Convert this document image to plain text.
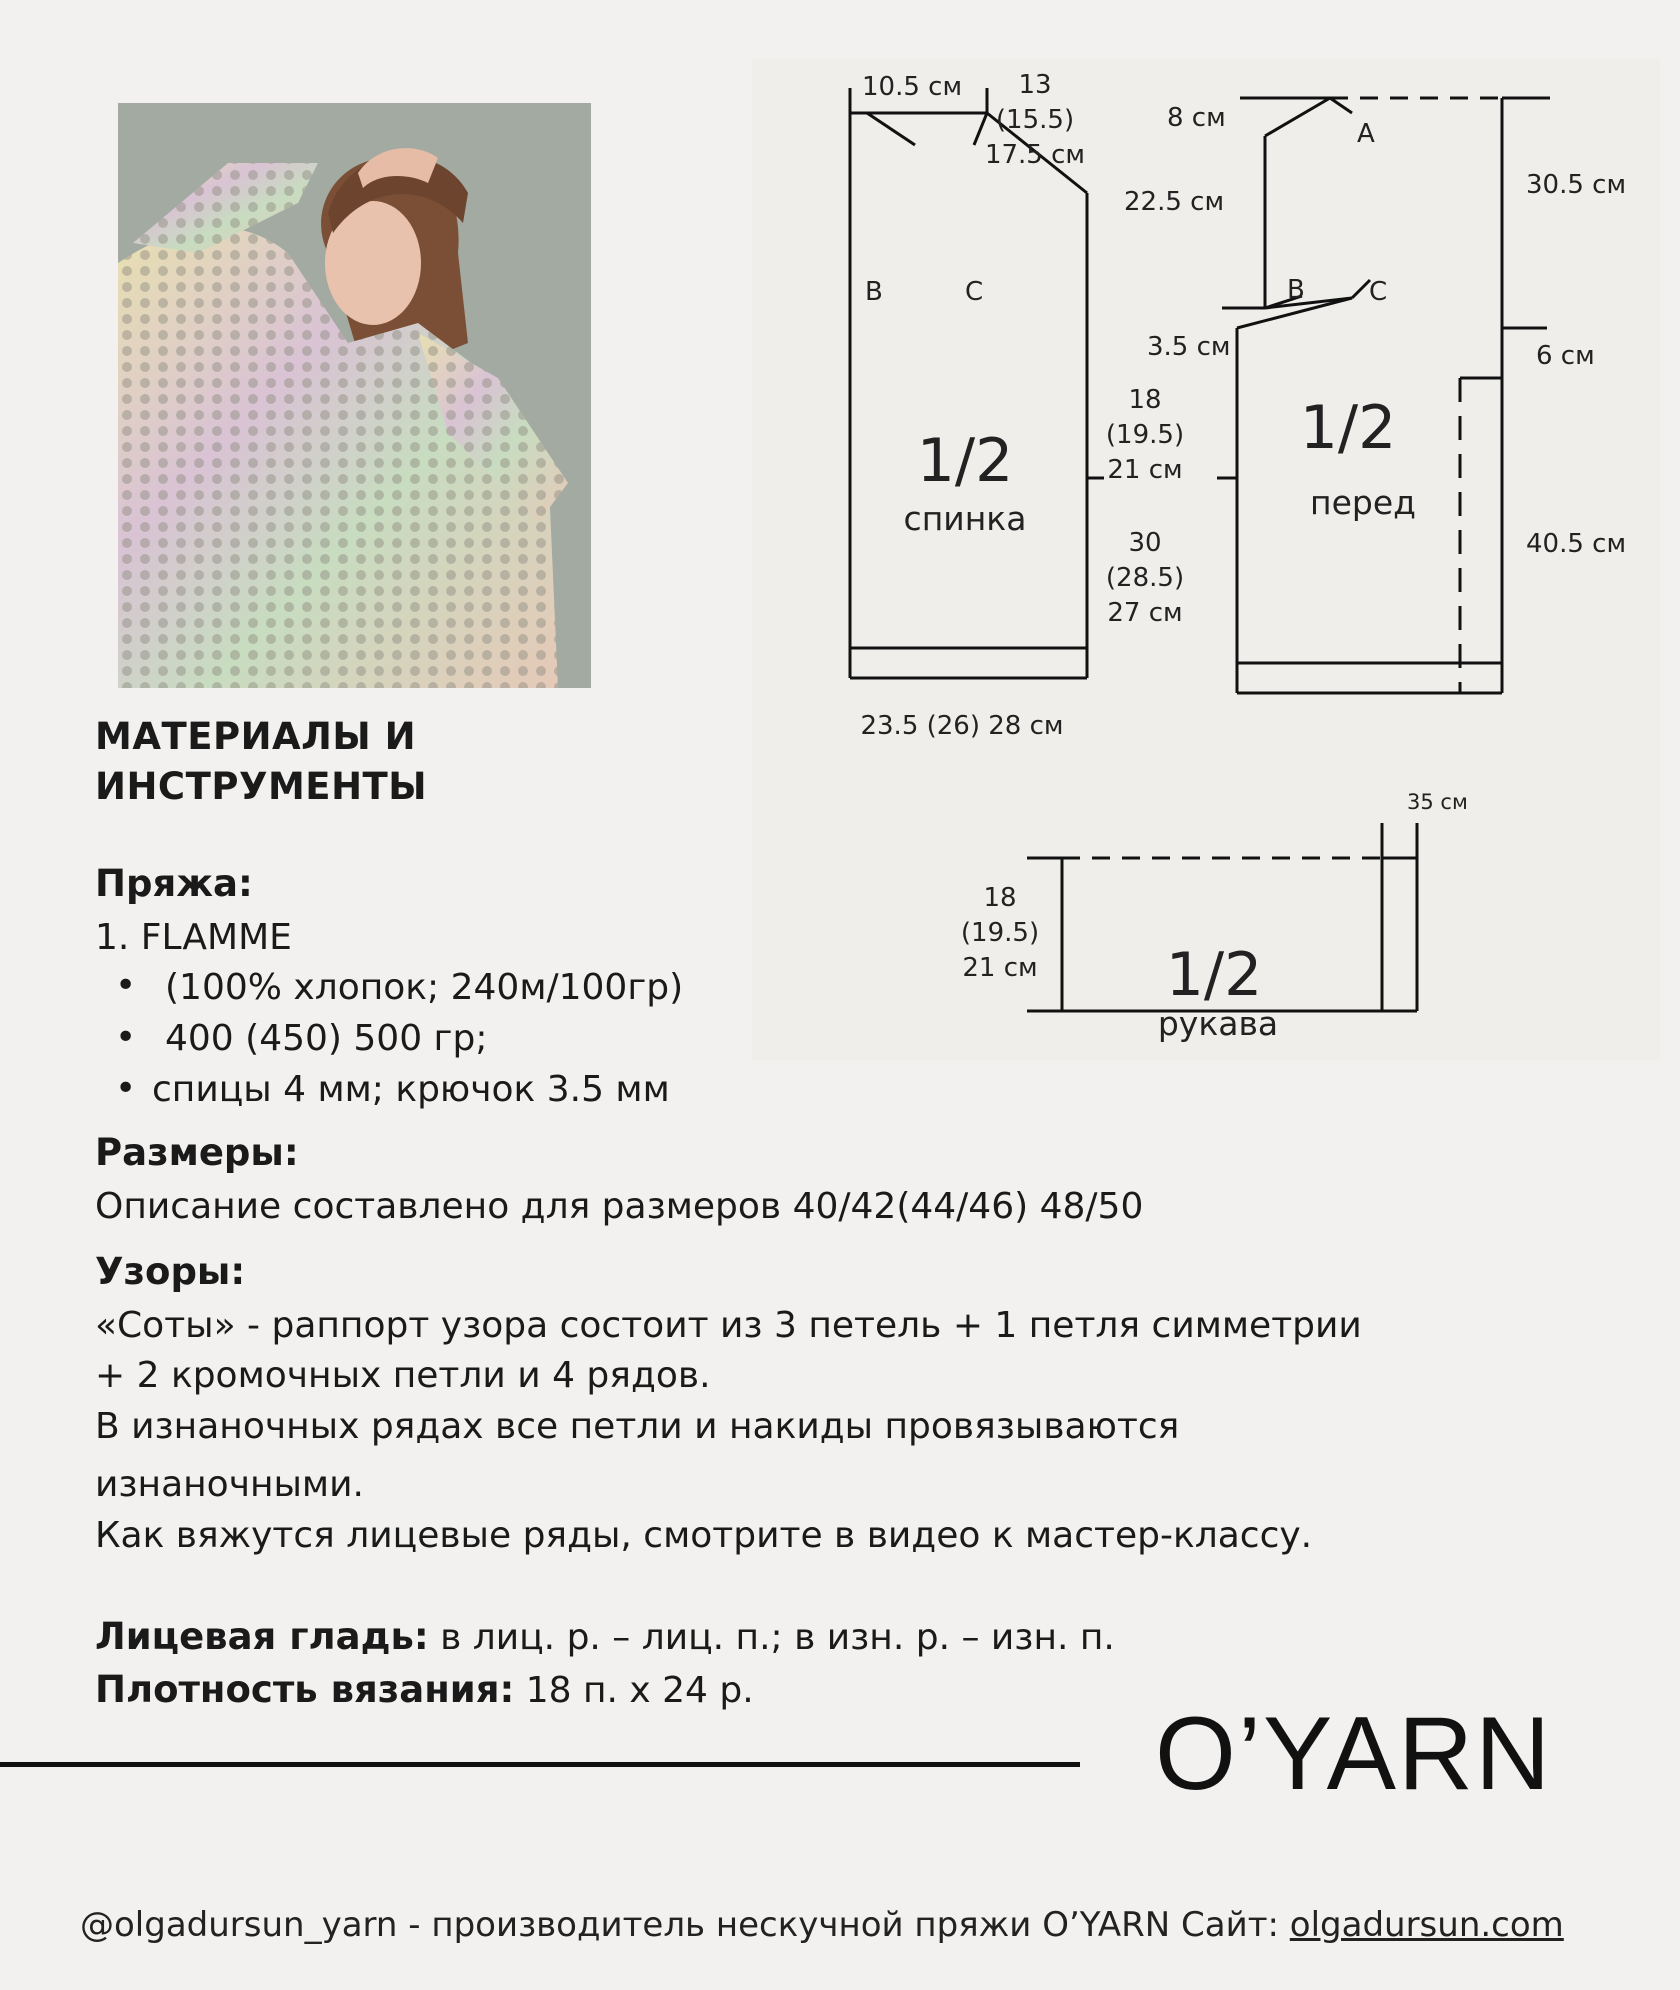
B	C
10.5 см	13 (15.5) 17.5 см
1/2
спинка
23.5 (26) 28 см
18 (19.5) 21 см
30 (28.5) 27 см
8 см
A
22.5 см
B C
3.5 см
1/2
перед
30.5 см
6 см
40.5 см
35 см
18 (19.5) 21 см 1/2
рукава
МАТЕРИАЛЫ И
ИНСТРУМЕНТЫ
Пряжа:
1. FLAMME
• (100% хлопок; 240м/100гр)
• 400 (450) 500 гр;
• спицы 4 мм; крючок 3.5 мм
Размеры:
Описание составлено для размеров 40/42(44/46) 48/50
Узоры:
«Соты» - раппорт узора состоит из 3 петель + 1 петля симметрии
+ 2 кромочных петли и 4 рядов.
В изнаночных рядах все петли и накиды провязываются
изнаночными.
Как вяжутся лицевые ряды, смотрите в видео к мастер-классу.
Лицевая гладь: в лиц. р. – лиц. п.; в изн. р. – изн. п.
Плотность вязания: 18 п. х 24 р.
O’YARN
@olgadursun_yarn - производитель нескучной пряжи O’YARN Сайт: olgadursun.com
